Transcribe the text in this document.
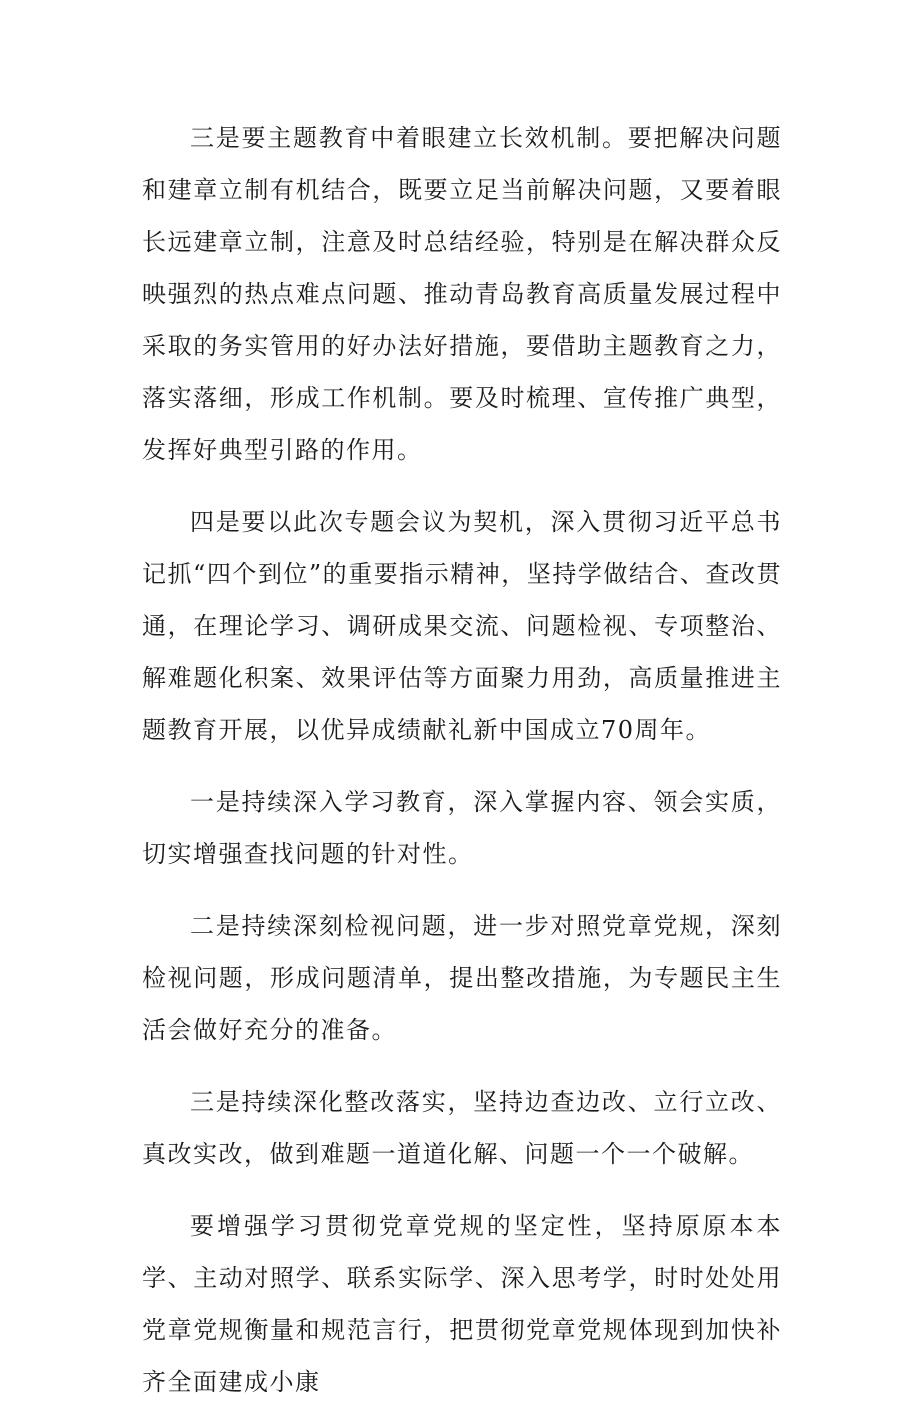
三是要主题教育中着眼建立长效机制。要把解决问题和建章立制有机结合，既要立足当前解决问题，又要着眼长远建章立制，注意及时总结经验，特别是在解决群众反映强烈的热点难点问题、推动青岛教育高质量发展过程中采取的务实管用的好办法好措施，要借助主题教育之力，落实落细，形成工作机制。要及时梳理、宣传推广典型，发挥好典型引路的作用。

四是要以此次专题会议为契机，深入贯彻习近平总书记抓“四个到位”的重要指示精神，坚持学做结合、查改贯通，在理论学习、调研成果交流、问题检视、专项整治、解难题化积案、效果评估等方面聚力用劲，高质量推进主题教育开展，以优异成绩献礼新中国成立70周年。

一是持续深入学习教育，深入掌握内容、领会实质，切实增强查找问题的针对性。

二是持续深刻检视问题，进一步对照党章党规，深刻检视问题，形成问题清单，提出整改措施，为专题民主生活会做好充分的准备。

三是持续深化整改落实，坚持边查边改、立行立改、真改实改，做到难题一道道化解、问题一个一个破解。

要增强学习贯彻党章党规的坚定性，坚持原原本本学、主动对照学、联系实际学、深入思考学，时时处处用党章党规衡量和规范言行，把贯彻党章党规体现到加快补齐全面建成小康
